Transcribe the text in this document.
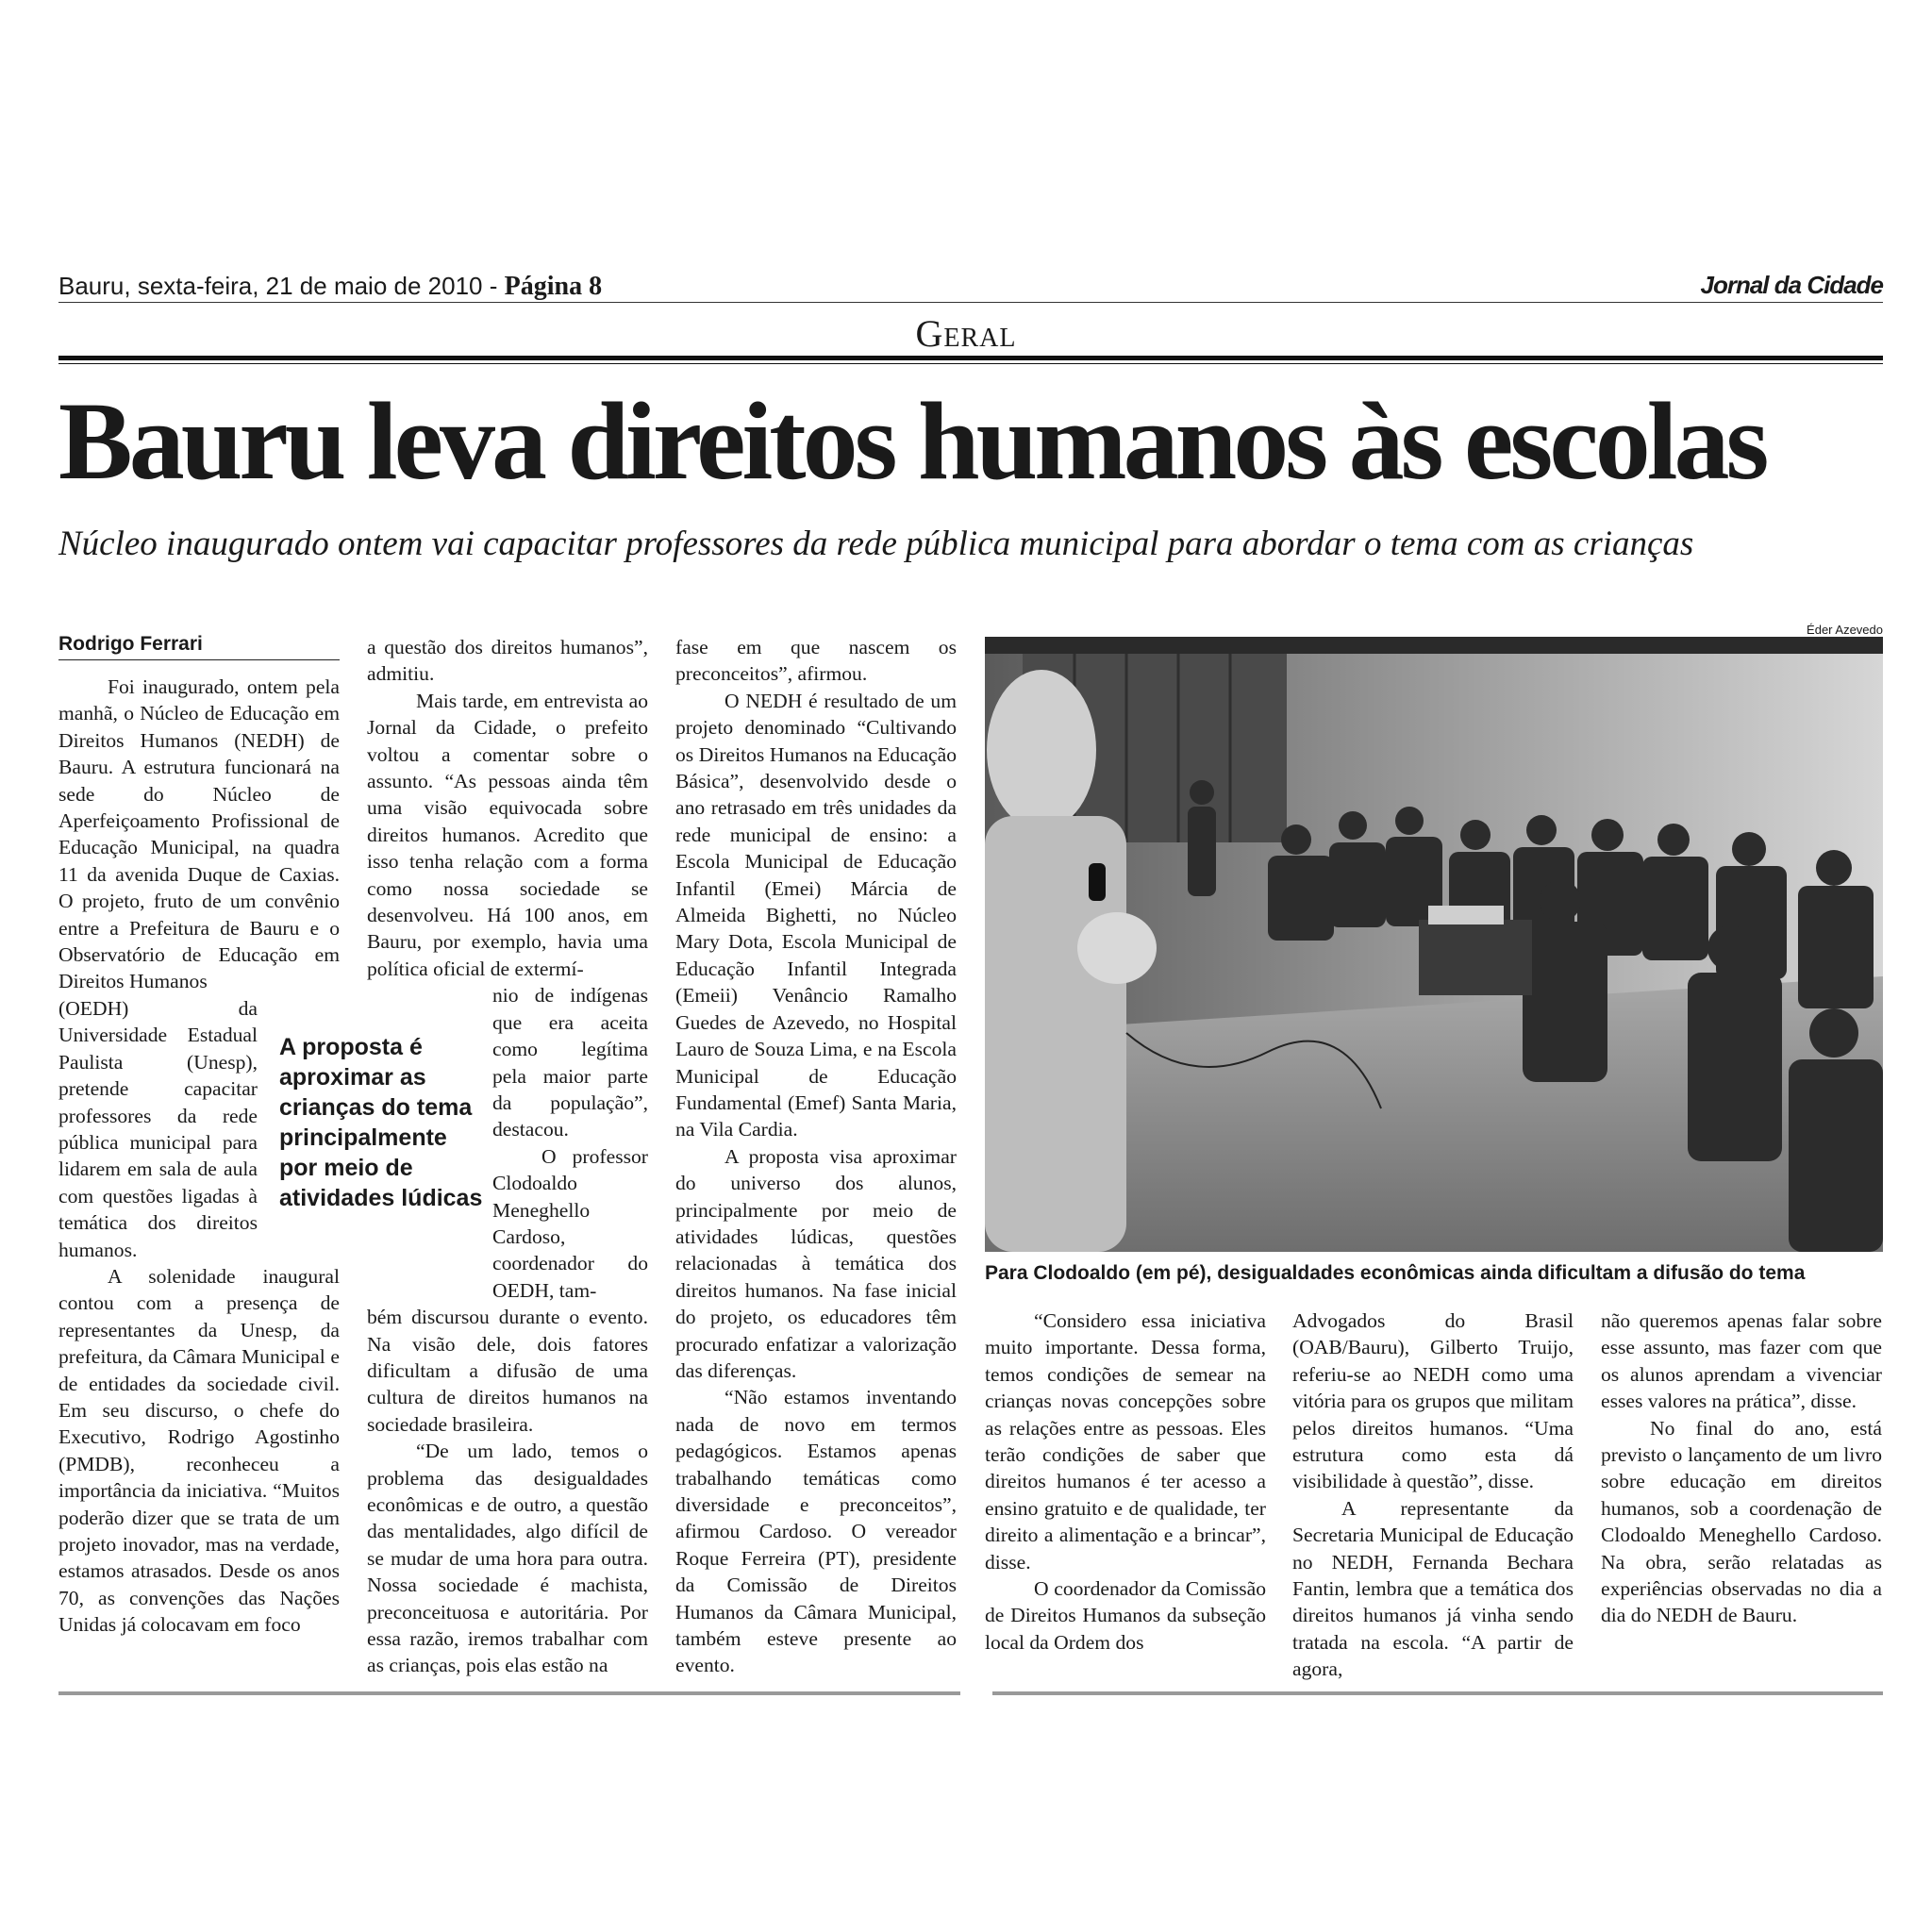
Bauru, sexta-feira, 21 de maio de 2010 - Página 8	Jornal da Cidade
Geral
Bauru leva direitos humanos às escolas
Núcleo inaugurado ontem vai capacitar professores da rede pública municipal para abordar o tema com as crianças
Rodrigo Ferrari

Foi inaugurado, ontem pela manhã, o Núcleo de Educação em Direitos Humanos (NEDH) de Bauru. A estrutura funcionará na sede do Núcleo de Aperfeiçoamento Profissional de Educação Municipal, na quadra 11 da avenida Duque de Caxias. O projeto, fruto de um convênio entre a Prefeitura de Bauru e o Observatório de Educação em Direitos Humanos

(OEDH) da Universidade Estadual Paulista (Unesp), pretende capacitar professores da rede pública municipal para lidarem em sala de aula com questões ligadas à temática dos direitos humanos.

A solenidade inaugural contou com a presença de representantes da Unesp, da prefeitura, da Câmara Municipal e de entidades da sociedade civil. Em seu discurso, o chefe do Executivo, Rodrigo Agostinho (PMDB), reconheceu a importância da iniciativa. “Muitos poderão dizer que se trata de um projeto inovador, mas na verdade, estamos atrasados. Desde os anos 70, as convenções das Nações Unidas já colocavam em foco

a questão dos direitos humanos”, admitiu.

Mais tarde, em entrevista ao Jornal da Cidade, o prefeito voltou a comentar sobre o assunto. “As pessoas ainda têm uma visão equivocada sobre direitos humanos. Acredito que isso tenha relação com a forma como nossa sociedade se desenvolveu. Há 100 anos, em Bauru, por exemplo, havia uma política oficial de extermí-

nio de indígenas que era aceita como legítima pela maior parte da população”, destacou.

O professor Clodoaldo Meneghello Cardoso, coordenador do OEDH, tam-

bém discursou durante o evento. Na visão dele, dois fatores dificultam a difusão de uma cultura de direitos humanos na sociedade brasileira.

“De um lado, temos o problema das desigualdades econômicas e de outro, a questão das mentalidades, algo difícil de se mudar de uma hora para outra. Nossa sociedade é machista, preconceituosa e autoritária. Por essa razão, iremos trabalhar com as crianças, pois elas estão na

A proposta é aproximar as crianças do tema principalmente por meio de atividades lúdicas

fase em que nascem os preconceitos”, afirmou.

O NEDH é resultado de um projeto denominado “Cultivando os Direitos Humanos na Educação Básica”, desenvolvido desde o ano retrasado em três unidades da rede municipal de ensino: a Escola Municipal de Educação Infantil (Emei) Márcia de Almeida Bighetti, no Núcleo Mary Dota, Escola Municipal de Educação Infantil Integrada (Emeii) Venâncio Ramalho Guedes de Azevedo, no Hospital Lauro de Souza Lima, e na Escola Municipal de Educação Fundamental (Emef) Santa Maria, na Vila Cardia.

A proposta visa aproximar do universo dos alunos, principalmente por meio de atividades lúdicas, questões relacionadas à temática dos direitos humanos. Na fase inicial do projeto, os educadores têm procurado enfatizar a valorização das diferenças.

“Não estamos inventando nada de novo em termos pedagógicos. Estamos apenas trabalhando temáticas como diversidade e preconceitos”, afirmou Cardoso. O vereador Roque Ferreira (PT), presidente da Comissão de Direitos Humanos da Câmara Municipal, também esteve presente ao evento.

Éder Azevedo
Para Clodoaldo (em pé), desigualdades econômicas ainda dificultam a difusão do tema

“Considero essa iniciativa muito importante. Dessa forma, temos condições de semear na crianças novas concepções sobre as relações entre as pessoas. Eles terão condições de saber que direitos humanos é ter acesso a ensino gratuito e de qualidade, ter direito a alimentação e a brincar”, disse.

O coordenador da Comissão de Direitos Humanos da subseção local da Ordem dos

Advogados do Brasil (OAB/Bauru), Gilberto Truijo, referiu-se ao NEDH como uma vitória para os grupos que militam pelos direitos humanos. “Uma estrutura como esta dá visibilidade à questão”, disse.

A representante da Secretaria Municipal de Educação no NEDH, Fernanda Bechara Fantin, lembra que a temática dos direitos humanos já vinha sendo tratada na escola. “A partir de agora,

não queremos apenas falar sobre esse assunto, mas fazer com que os alunos aprendam a vivenciar esses valores na prática”, disse.

No final do ano, está previsto o lançamento de um livro sobre educação em direitos humanos, sob a coordenação de Clodoaldo Meneghello Cardoso. Na obra, serão relatadas as experiências observadas no dia a dia do NEDH de Bauru.
